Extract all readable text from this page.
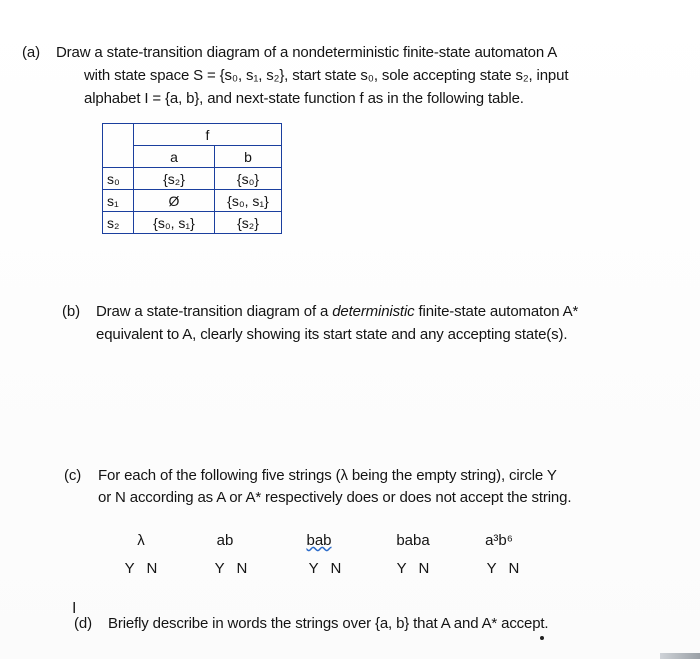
(a) Draw a state-transition diagram of a nondeterministic finite-state automaton A
with state space S = {s₀, s₁, s₂}, start state s₀, sole accepting state s₂, input
alphabet I = {a, b}, and next-state function f as in the following table.
	f	
	a	b
s₀	{s₂}	{s₀}
s₁	Ø	{s₀, s₁}
s₂	{s₀, s₁}	{s₂}
(b) Draw a state-transition diagram of a deterministic finite-state automaton A*
equivalent to A, clearly showing its start state and any accepting state(s).
(c) For each of the following five strings (λ being the empty string), circle Y
or N according as A or A* respectively does or does not accept the string.
λ	ab	bab	baba	a³b⁶
Y N	Y N	Y N	Y N	Y N
I
(d) Briefly describe in words the strings over {a, b} that A and A* accept.
